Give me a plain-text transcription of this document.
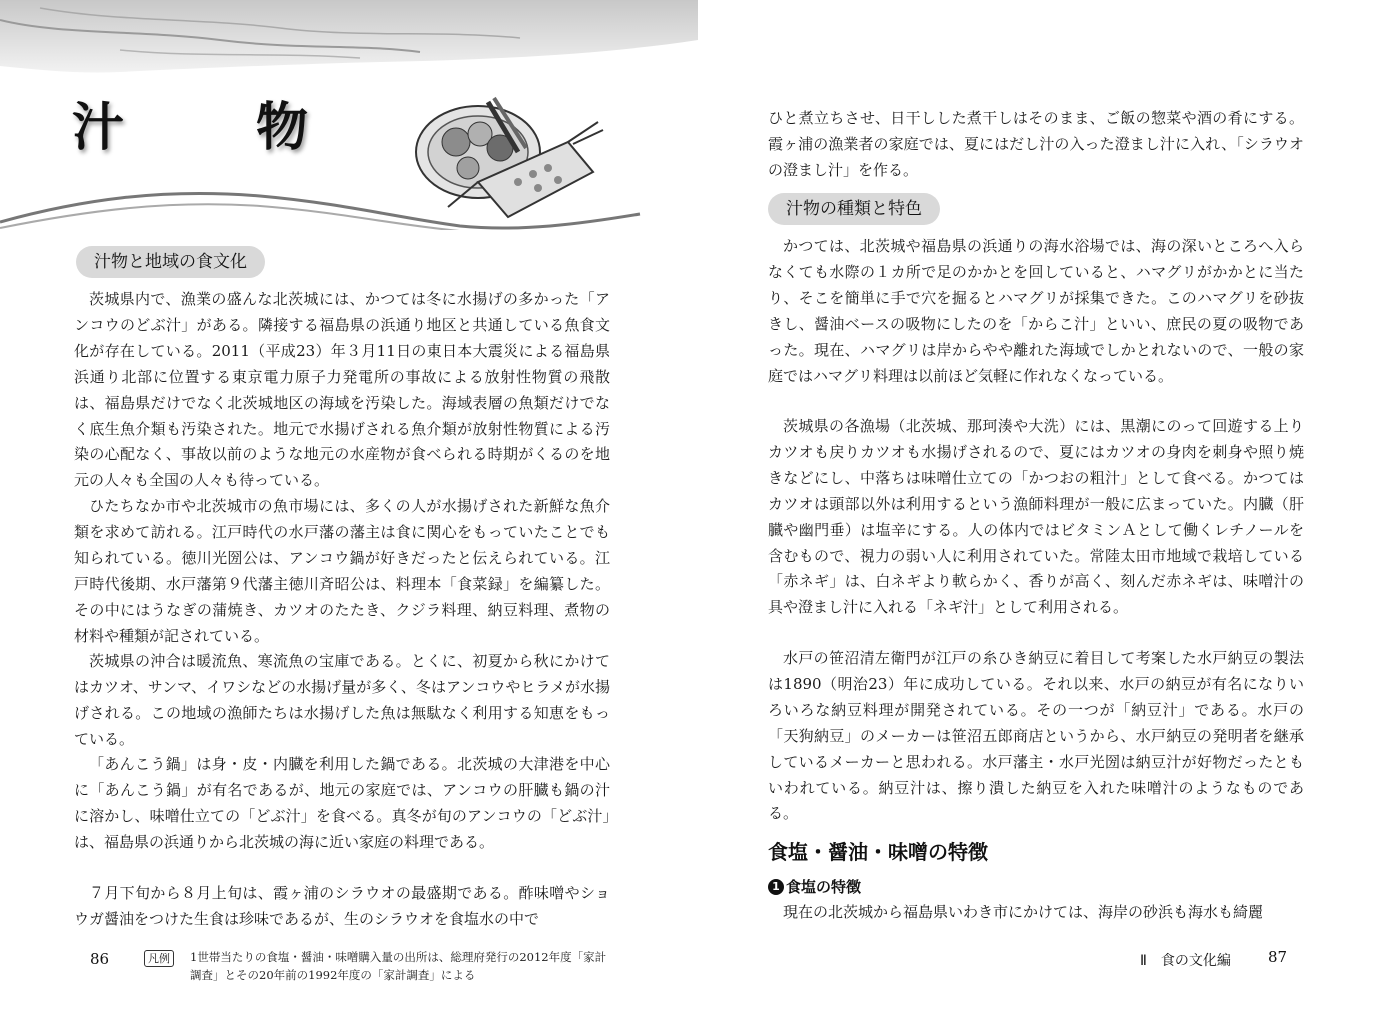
汁　物
汁物と地域の食文化

茨城県内で、漁業の盛んな北茨城には、かつては冬に水揚げの多かった「アンコウのどぶ汁」がある。隣接する福島県の浜通り地区と共通している魚食文化が存在している。2011（平成23）年３月11日の東日本大震災による福島県浜通り北部に位置する東京電力原子力発電所の事故による放射性物質の飛散は、福島県だけでなく北茨城地区の海域を汚染した。海域表層の魚類だけでなく底生魚介類も汚染された。地元で水揚げされる魚介類が放射性物質による汚染の心配なく、事故以前のような地元の水産物が食べられる時期がくるのを地元の人々も全国の人々も待っている。

ひたちなか市や北茨城市の魚市場には、多くの人が水揚げされた新鮮な魚介類を求めて訪れる。江戸時代の水戸藩の藩主は食に関心をもっていたことでも知られている。徳川光圀公は、アンコウ鍋が好きだったと伝えられている。江戸時代後期、水戸藩第９代藩主徳川斉昭公は、料理本「食菜録」を編纂した。その中にはうなぎの蒲焼き、カツオのたたき、クジラ料理、納豆料理、煮物の材料や種類が記されている。

茨城県の沖合は暖流魚、寒流魚の宝庫である。とくに、初夏から秋にかけてはカツオ、サンマ、イワシなどの水揚げ量が多く、冬はアンコウやヒラメが水揚げされる。この地域の漁師たちは水揚げした魚は無駄なく利用する知恵をもっている。

「あんこう鍋」は身・皮・内臓を利用した鍋である。北茨城の大津港を中心に「あんこう鍋」が有名であるが、地元の家庭では、アンコウの肝臓も鍋の汁に溶かし、味噌仕立ての「どぶ汁」を食べる。真冬が旬のアンコウの「どぶ汁」は、福島県の浜通りから北茨城の海に近い家庭の料理である。

７月下旬から８月上旬は、霞ヶ浦のシラウオの最盛期である。酢味噌やショウガ醤油をつけた生食は珍味であるが、生のシラウオを食塩水の中で

86	凡例	1世帯当たりの食塩・醤油・味噌購入量の出所は、総理府発行の2012年度「家計調査」とその20年前の1992年度の「家計調査」による

ひと煮立ちさせ、日干しした煮干しはそのまま、ご飯の惣菜や酒の肴にする。霞ヶ浦の漁業者の家庭では、夏にはだし汁の入った澄まし汁に入れ、「シラウオの澄まし汁」を作る。

汁物の種類と特色

かつては、北茨城や福島県の浜通りの海水浴場では、海の深いところへ入らなくても水際の１カ所で足のかかとを回していると、ハマグリがかかとに当たり、そこを簡単に手で穴を掘るとハマグリが採集できた。このハマグリを砂抜きし、醤油ベースの吸物にしたのを「からこ汁」といい、庶民の夏の吸物であった。現在、ハマグリは岸からやや離れた海域でしかとれないので、一般の家庭ではハマグリ料理は以前ほど気軽に作れなくなっている。

茨城県の各漁場（北茨城、那珂湊や大洗）には、黒潮にのって回遊する上りカツオも戻りカツオも水揚げされるので、夏にはカツオの身肉を刺身や照り焼きなどにし、中落ちは味噌仕立ての「かつおの粗汁」として食べる。かつてはカツオは頭部以外は利用するという漁師料理が一般に広まっていた。内臓（肝臓や幽門垂）は塩辛にする。人の体内ではビタミンＡとして働くレチノールを含むもので、視力の弱い人に利用されていた。常陸太田市地域で栽培している「赤ネギ」は、白ネギより軟らかく、香りが高く、刻んだ赤ネギは、味噌汁の具や澄まし汁に入れる「ネギ汁」として利用される。

水戸の笹沼清左衛門が江戸の糸ひき納豆に着目して考案した水戸納豆の製法は1890（明治23）年に成功している。それ以来、水戸の納豆が有名になりいろいろな納豆料理が開発されている。その一つが「納豆汁」である。水戸の「天狗納豆」のメーカーは笹沼五郎商店というから、水戸納豆の発明者を継承しているメーカーと思われる。水戸藩主・水戸光圀は納豆汁が好物だったともいわれている。納豆汁は、擦り潰した納豆を入れた味噌汁のようなものである。

食塩・醤油・味噌の特徴
1 食塩の特徴

現在の北茨城から福島県いわき市にかけては、海岸の砂浜も海水も綺麗

Ⅱ　食の文化編 87
